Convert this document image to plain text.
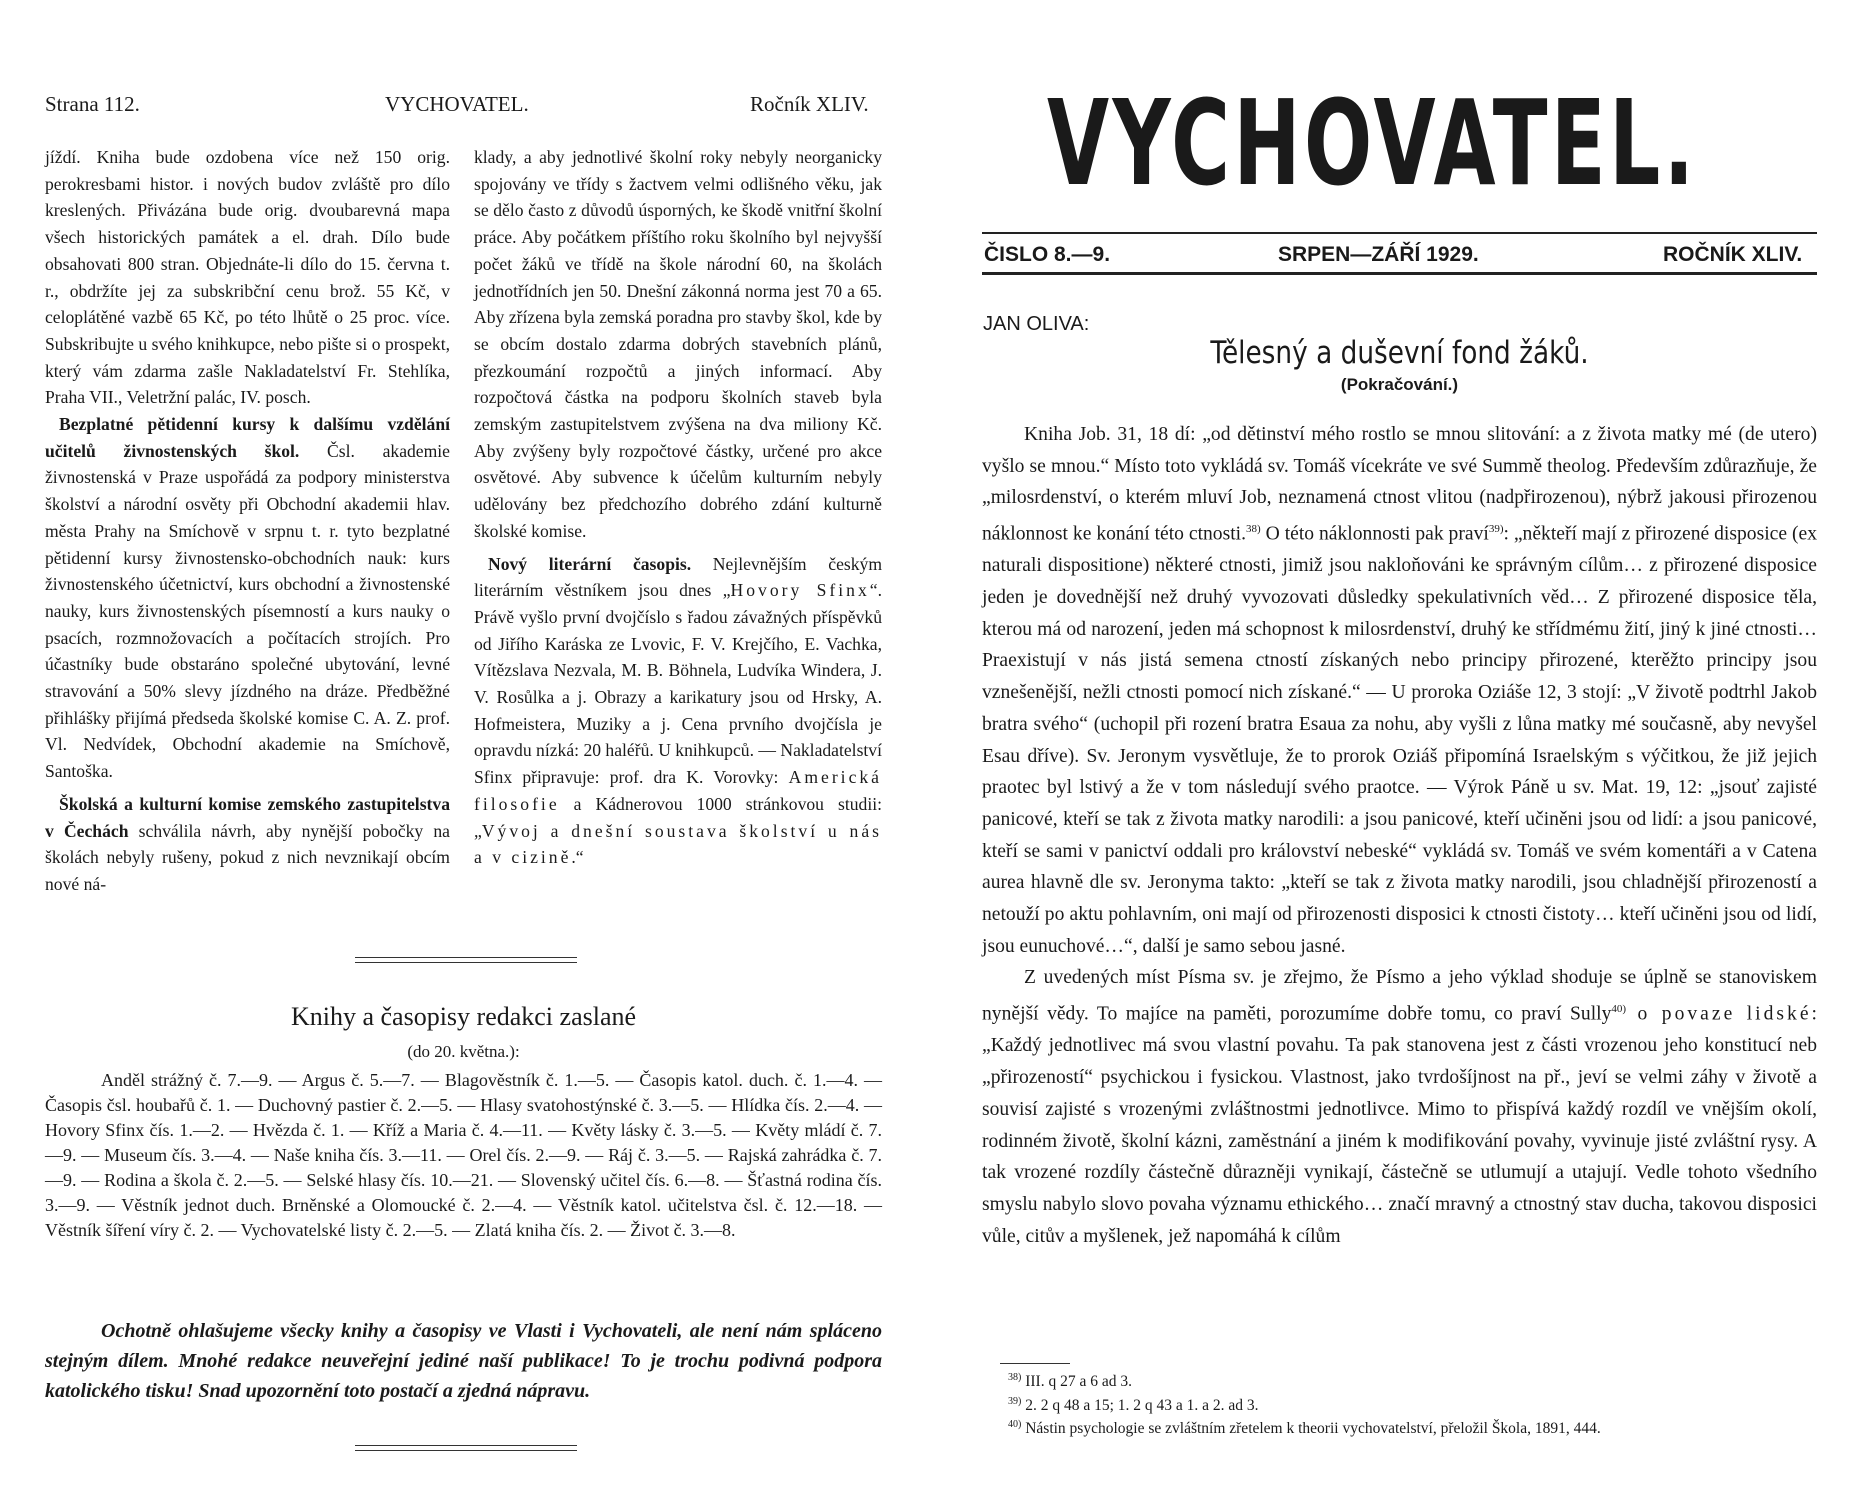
Strana 112.	VYCHOVATEL.	Ročník XLIV.

jíždí. Kniha bude ozdobena více než 150 orig. perokresbami histor. i nových budov zvláště pro dílo kreslených. Přivázána bude orig. dvoubarevná mapa všech historických památek a el. drah. Dílo bude obsahovati 800 stran. Objednáte-li dílo do 15. června t. r., obdržíte jej za subskribční cenu brož. 55 Kč, v celoplátěné vazbě 65 Kč, po této lhůtě o 25 proc. více. Subskribujte u svého knihkupce, nebo pište si o prospekt, který vám zdarma zašle Nakladatelství Fr. Stehlíka, Praha VII., Veletržní palác, IV. posch.

Bezplatné pětidenní kursy k dalšímu vzdělání učitelů živnostenských škol. Čsl. akademie živnostenská v Praze uspořádá za podpory ministerstva školství a národní osvěty při Obchodní akademii hlav. města Prahy na Smíchově v srpnu t. r. tyto bezplatné pětidenní kursy živnostensko-obchodních nauk: kurs živnostenského účetnictví, kurs obchodní a živnostenské nauky, kurs živnostenských písemností a kurs nauky o psacích, rozmnožovacích a počítacích strojích. Pro účastníky bude obstaráno společné ubytování, levné stravování a 50% slevy jízdného na dráze. Předběžné přihlášky přijímá předseda školské komise C. A. Z. prof. Vl. Nedvídek, Obchodní akademie na Smíchově, Santoška.

Školská a kulturní komise zemského zastupitelstva v Čechách schválila návrh, aby nynější pobočky na školách nebyly rušeny, pokud z nich nevznikají obcím nové ná-

klady, a aby jednotlivé školní roky nebyly neorganicky spojovány ve třídy s žactvem velmi odlišného věku, jak se dělo často z důvodů úsporných, ke škodě vnitřní školní práce. Aby počátkem příštího roku školního byl nejvyšší počet žáků ve třídě na škole národní 60, na školách jednotřídních jen 50. Dnešní zákonná norma jest 70 a 65. Aby zřízena byla zemská poradna pro stavby škol, kde by se obcím dostalo zdarma dobrých stavebních plánů, přezkoumání rozpočtů a jiných informací. Aby rozpočtová částka na podporu školních staveb byla zemským zastupitelstvem zvýšena na dva miliony Kč. Aby zvýšeny byly rozpočtové částky, určené pro akce osvětové. Aby subvence k účelům kulturním nebyly udělovány bez předchozího dobrého zdání kulturně školské komise.

Nový literární časopis. Nejlevnějším českým literárním věstníkem jsou dnes „Hovory Sfinx“. Právě vyšlo první dvojčíslo s řadou závažných příspěvků od Jiřího Karáska ze Lvovic, F. V. Krejčího, E. Vachka, Vítězslava Nezvala, M. B. Böhnela, Ludvíka Windera, J. V. Rosůlka a j. Obrazy a karikatury jsou od Hrsky, A. Hofmeistera, Muziky a j. Cena prvního dvojčísla je opravdu nízká: 20 haléřů. U knihkupců. — Nakladatelství Sfinx připravuje: prof. dra K. Vorovky: Americká filosofie a Kádnerovou 1000 stránkovou studii: „Vývoj a dnešní soustava školství u nás a v cizině.“

Knihy a časopisy redakci zaslané
(do 20. května.):
Anděl strážný č. 7.—9. — Argus č. 5.—7. — Blagověstník č. 1.—5. — Časopis katol. duch. č. 1.—4. — Časopis čsl. houbařů č. 1. — Duchovný pastier č. 2.—5. — Hlasy svatohostýnské č. 3.—5. — Hlídka čís. 2.—4. — Hovory Sfinx čís. 1.—2. — Hvězda č. 1. — Kříž a Maria č. 4.—11. — Květy lásky č. 3.—5. — Květy mládí č. 7.—9. — Museum čís. 3.—4. — Naše kniha čís. 3.—11. — Orel čís. 2.—9. — Ráj č. 3.—5. — Rajská zahrádka č. 7.—9. — Rodina a škola č. 2.—5. — Selské hlasy čís. 10.—21. — Slovenský učitel čís. 6.—8. — Šťastná rodina čís. 3.—9. — Věstník jednot duch. Brněnské a Olomoucké č. 2.—4. — Věstník katol. učitelstva čsl. č. 12.—18. — Věstník šíření víry č. 2. — Vychovatelské listy č. 2.—5. — Zlatá kniha čís. 2. — Život č. 3.—8.
Ochotně ohlašujeme všecky knihy a časopisy ve Vlasti i Vychovateli, ale není nám splácenо stejným dílem. Mnohé redakce neuveřejní jediné naší publikace! To je trochu podivná podpora katolického tisku! Snad upozornění toto postačí a zjedná nápravu.
VYCHOVATEL.
ČISLO 8.—9.	SRPEN—ZÁŘÍ 1929.	ROČNÍK XLIV.
JAN OLIVA:
Tělesný a duševní fond žáků.
(Pokračování.)

Kniha Job. 31, 18 dí: „od dětinství mého rostlo se mnou slitování: a z života matky mé (de utero) vyšlo se mnou.“ Místo toto vykládá sv. Tomáš vícekráte ve své Summě theolog. Především zdůrazňuje, že „milosrdenství, o kterém mluví Job, neznamená ctnost vlitou (nadpřirozenou), nýbrž jakousi přirozenou náklonnost ke konání této ctnosti.$^{38)}$ O této náklonnosti pak praví$^{39)}$: „někteří mají z přirozené disposice (ex naturali dispositione) některé ctnosti, jimiž jsou nakloňováni ke správným cílům… z přirozené disposice jeden je dovednější než druhý vyvozovati důsledky spekulativních věd… Z přirozené disposice těla, kterou má od narození, jeden má schopnost k milosrdenství, druhý ke střídmému žití, jiný k jiné ctnosti… Praexistují v nás jistá semena ctností získaných nebo principy přirozené, kterěžto principy jsou vznešenější, nežli ctnosti pomocí nich získané.“ — U proroka Oziáše 12, 3 stojí: „V životě podtrhl Jakob bratra svého“ (uchopil při rození bratra Esaua za nohu, aby vyšli z lůna matky mé současně, aby nevyšel Esau dříve). Sv. Jeronym vysvětluje, že to prorok Oziáš připomíná Israelským s výčitkou, že již jejich praotec byl lstivý a že v tom následují svého praotce. — Výrok Páně u sv. Mat. 19, 12: „jsouť zajisté panicové, kteří se tak z života matky narodili: a jsou panicové, kteří učiněni jsou od lidí: a jsou panicové, kteří se sami v panictví oddali pro království nebeské“ vykládá sv. Tomáš ve svém komentáři a v Catena aurea hlavně dle sv. Jeronyma takto: „kteří se tak z života matky narodili, jsou chladnější přirozeností a netouží po aktu pohlavním, oni mají od přirozenosti disposici k ctnosti čistoty… kteří učiněni jsou od lidí, jsou eunuchové…“, další je samo sebou jasné.

Z uvedených míst Písma sv. je zřejmo, že Písmo a jeho výklad shoduje se úplně se stanoviskem nynější vědy. To majíce na paměti, porozumíme dobře tomu, co praví Sully$^{40)}$ o povaze lidské: „Každý jednotlivec má svou vlastní povahu. Ta pak stanovena jest z části vrozenou jeho konstitucí neb „přirozeností“ psychickou i fysickou. Vlastnost, jako tvrdošíjnost na př., jeví se velmi záhy v životě a souvisí zajisté s vrozenými zvláštnostmi jednotlivce. Mimo to přispívá každý rozdíl ve vnějším okolí, rodinném životě, školní kázni, zaměstnání a jiném k modifikování povahy, vyvinuje jisté zvláštní rysy. A tak vrozené rozdíly částečně důrazněji vynikají, částečně se utlumují a utajují. Vedle tohoto všedního smyslu nabylo slovo povaha významu ethického… značí mravný a ctnostný stav ducha, takovou disposici vůle, citův a myšlenek, jež napomáhá k cílům

$^{38)}$ III. q 27 a 6 ad 3.

$^{39)}$ 2. 2 q 48 a 15; 1. 2 q 43 a 1. a 2. ad 3.

$^{40)}$ Nástin psychologie se zvláštním zřetelem k theorii vychovatelství, přeložil Škola, 1891, 444.
